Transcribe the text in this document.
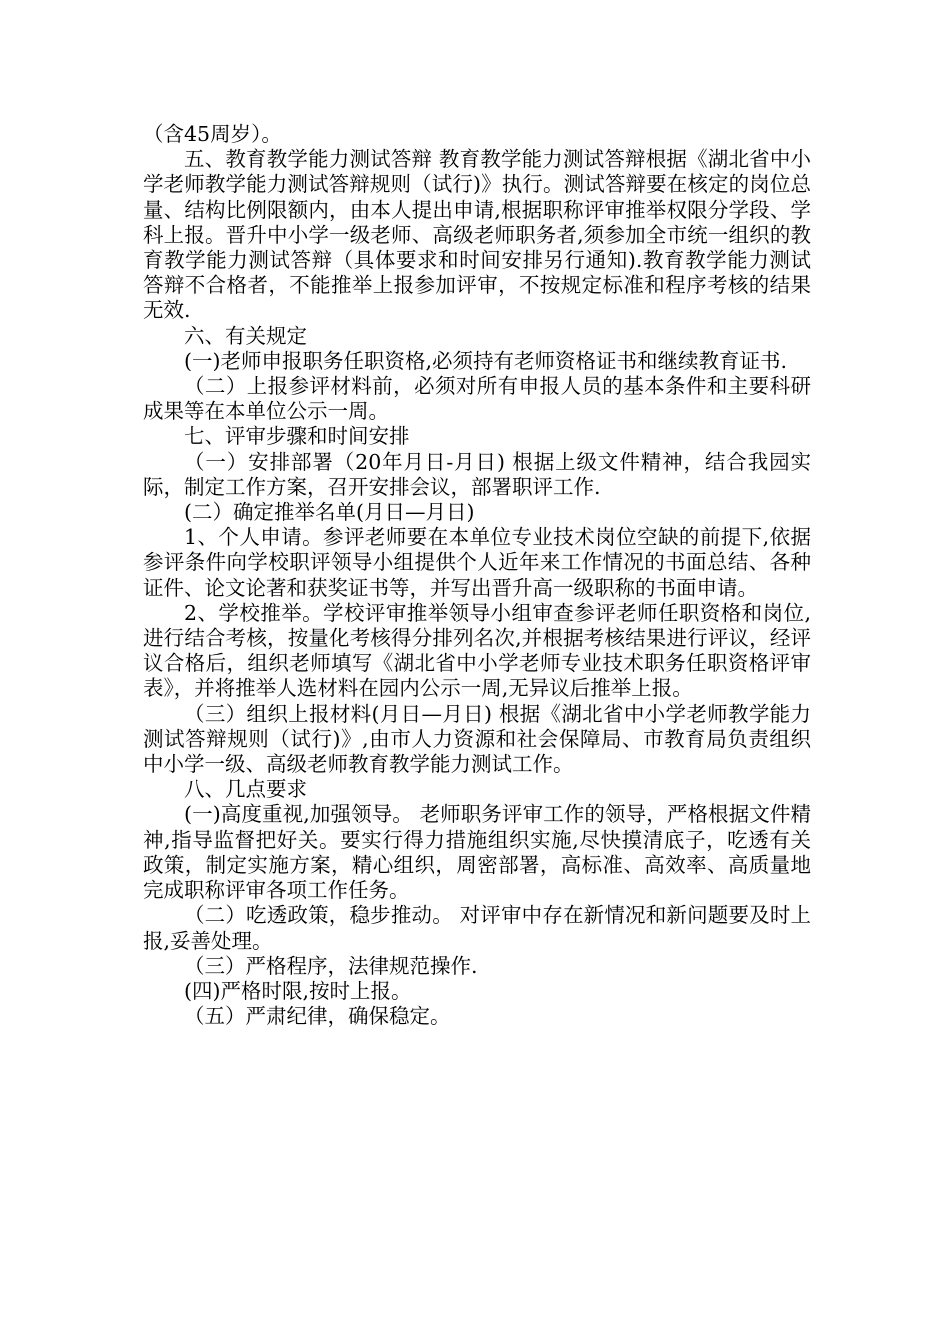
（含45周岁）。

五、教育教学能力测试答辩 教育教学能力测试答辩根据《湖北省中小学老师教学能力测试答辩规则（试行)》执行。测试答辩要在核定的岗位总量、结构比例限额内，由本人提出申请,根据职称评审推举权限分学段、学科上报。晋升中小学一级老师、高级老师职务者,须参加全市统一组织的教育教学能力测试答辩（具体要求和时间安排另行通知).教育教学能力测试答辩不合格者，不能推举上报参加评审，不按规定标准和程序考核的结果无效.

六、有关规定

(一)老师申报职务任职资格,必须持有老师资格证书和继续教育证书.

（二）上报参评材料前，必须对所有申报人员的基本条件和主要科研成果等在本单位公示一周。

七、评审步骤和时间安排

（一）安排部署（20年月日-月日) 根据上级文件精神，结合我园实际，制定工作方案，召开安排会议，部署职评工作.

(二）确定推举名单(月日—月日)

1、个人申请。参评老师要在本单位专业技术岗位空缺的前提下,依据参评条件向学校职评领导小组提供个人近年来工作情况的书面总结、各种证件、论文论著和获奖证书等，并写出晋升高一级职称的书面申请。

2、学校推举。学校评审推举领导小组审查参评老师任职资格和岗位,进行结合考核，按量化考核得分排列名次,并根据考核结果进行评议，经评议合格后，组织老师填写《湖北省中小学老师专业技术职务任职资格评审表》，并将推举人选材料在园内公示一周,无异议后推举上报。

（三）组织上报材料(月日—月日) 根据《湖北省中小学老师教学能力测试答辩规则（试行)》,由市人力资源和社会保障局、市教育局负责组织中小学一级、高级老师教育教学能力测试工作。

八、几点要求

(一)高度重视,加强领导。 老师职务评审工作的领导，严格根据文件精神,指导监督把好关。要实行得力措施组织实施,尽快摸清底子，吃透有关政策，制定实施方案，精心组织，周密部署，高标准、高效率、高质量地完成职称评审各项工作任务。

（二）吃透政策，稳步推动。 对评审中存在新情况和新问题要及时上报,妥善处理。

（三）严格程序，法律规范操作.

(四)严格时限,按时上报。

（五）严肃纪律，确保稳定。
